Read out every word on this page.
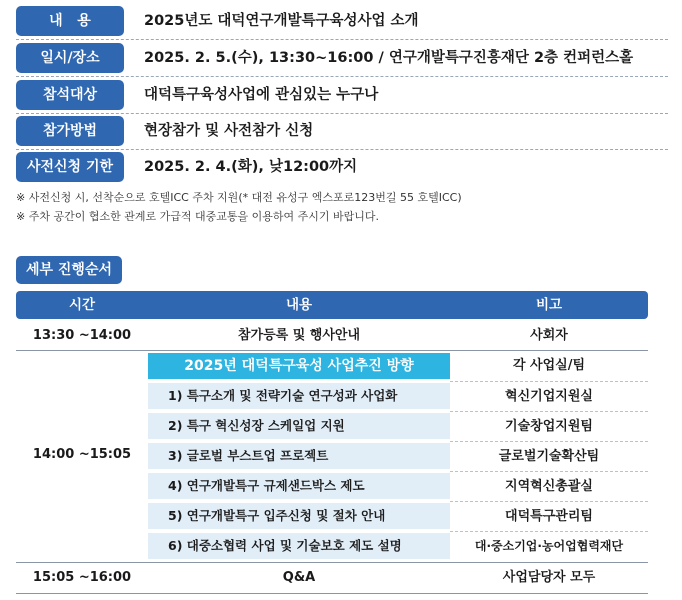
내   용	2025년도 대덕연구개발특구육성사업 소개
일시/장소	2025. 2. 5.(수), 13:30~16:00 / 연구개발특구진흥재단 2층 컨퍼런스홀
참석대상	대덕특구육성사업에 관심있는 누구나
참가방법	현장참가 및 사전참가 신청
사전신청 기한	2025. 2. 4.(화), 낮12:00까지
※ 사전신청 시, 선착순으로 호텔ICC 주차 지원(* 대전 유성구 엑스포로123번길 55 호텔ICC)
※ 주차 공간이 협소한 관계로 가급적 대중교통을 이용하여 주시기 바랍니다.
세부 진행순서
시간	내용	비고
13:30 ~14:00	참가등록 및 행사안내	사회자
14:00 ~15:05
2025년 대덕특구육성 사업추진 방향	각 사업실/팀
1) 특구소개 및 전략기술 연구성과 사업화	혁신기업지원실
2) 특구 혁신성장 스케일업 지원	기술창업지원팀
3) 글로벌 부스트업 프로젝트	글로벌기술확산팀
4) 연구개발특구 규제샌드박스 제도	지역혁신총괄실
5) 연구개발특구 입주신청 및 절차 안내	대덕특구관리팀
6) 대중소협력 사업 및 기술보호 제도 설명	대·중소기업·농어업협력재단
15:05 ~16:00	Q&A	사업담당자 모두
